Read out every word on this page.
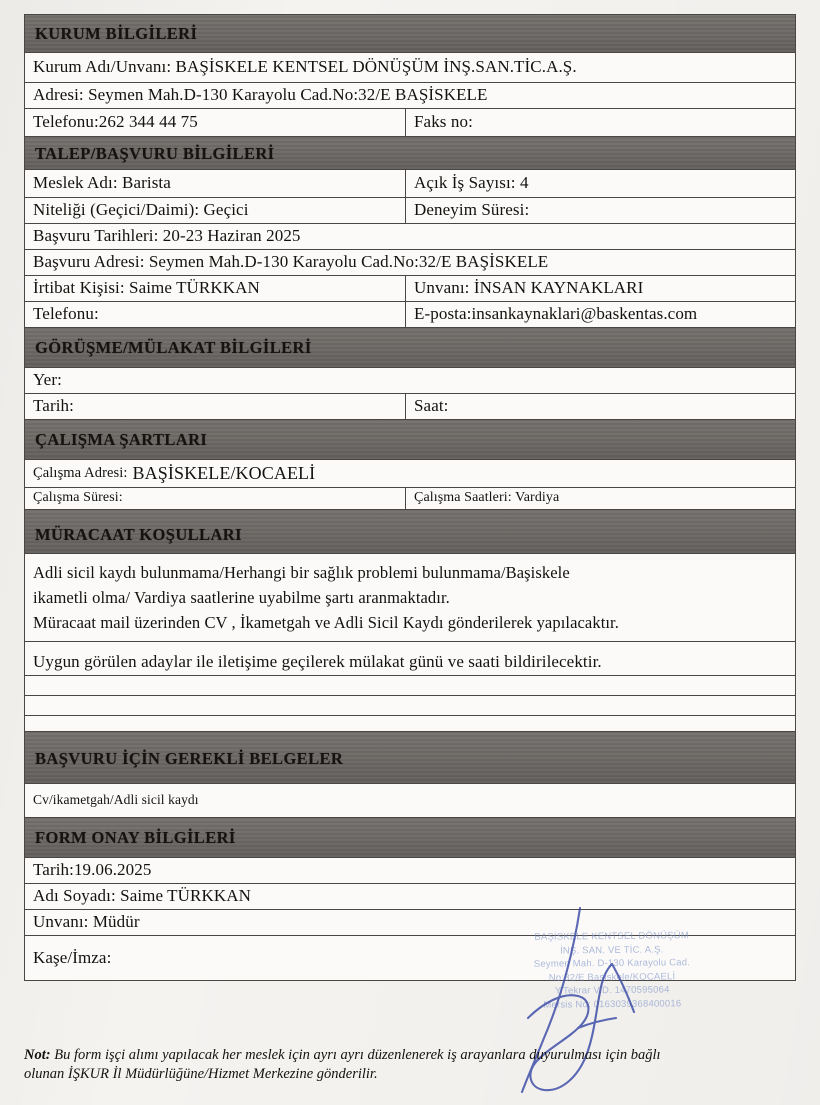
KURUM BİLGİLERİ
Kurum Adı/Unvanı: BAŞİSKELE KENTSEL DÖNÜŞÜM İNŞ.SAN.TİC.A.Ş.
Adresi: Seymen Mah.D-130 Karayolu Cad.No:32/E BAŞİSKELE
Telefonu:262 344 44 75	Faks no:
TALEP/BAŞVURU BİLGİLERİ
Meslek Adı: Barista	Açık İş Sayısı: 4
Niteliği (Geçici/Daimi): Geçici	Deneyim Süresi:
Başvuru Tarihleri: 20-23 Haziran 2025
Başvuru Adresi: Seymen Mah.D-130 Karayolu Cad.No:32/E BAŞİSKELE
İrtibat Kişisi: Saime TÜRKKAN	Unvanı: İNSAN KAYNAKLARI
Telefonu:	E-posta:insankaynaklari@baskentas.com
GÖRÜŞME/MÜLAKAT BİLGİLERİ
Yer:
Tarih:	Saat:
ÇALIŞMA ŞARTLARI
Çalışma Adresi: BAŞİSKELE/KOCAELİ
Çalışma Süresi:	Çalışma Saatleri: Vardiya
MÜRACAAT KOŞULLARI
Adli sicil kaydı bulunmama/Herhangi bir sağlık problemi bulunmama/Başiskele
ikametli olma/ Vardiya saatlerine uyabilme şartı aranmaktadır.
Müracaat mail üzerinden CV , İkametgah ve Adli Sicil Kaydı gönderilerek yapılacaktır.
Uygun görülen adaylar ile iletişime geçilerek mülakat günü ve saati bildirilecektir.
BAŞVURU İÇİN GEREKLİ BELGELER
Cv/ikametgah/Adli sicil kaydı
FORM ONAY BİLGİLERİ
Tarih:19.06.2025
Adı Soyadı: Saime TÜRKKAN
Unvanı: Müdür
Kaşe/İmza:
BAŞİSKELE KENTSEL DÖNÜŞÜM
İNŞ. SAN. VE TİC. A.Ş.
Seymen Mah. D-130 Karayolu Cad.
No:32/E Başiskele/KOCAELİ
Y.Tekrar V.D. 1470595064
Mersis No: 0163039368400016
Not: Bu form işçi alımı yapılacak her meslek için ayrı ayrı düzenlenerek iş arayanlara duyurulması için bağlı
olunan İŞKUR İl Müdürlüğüne/Hizmet Merkezine gönderilir.
